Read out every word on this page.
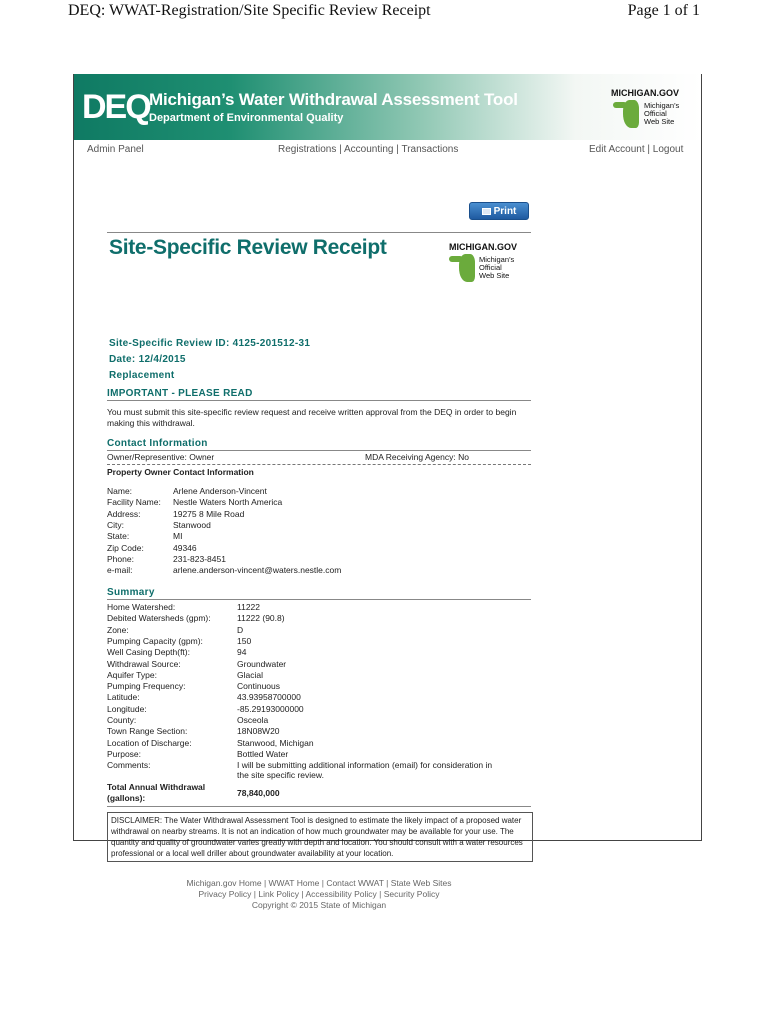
DEQ: WWAT-Registration/Site Specific Review Receipt	Page 1 of 1
DEQ Michigan’s Water Withdrawal Assessment Tool
Department of Environmental Quality
MICHIGAN.GOV
Michigan’s
Official
Web Site
Admin Panel	Registrations | Accounting | Transactions	Edit Account | Logout
Print
Site-Specific Review Receipt	MICHIGAN.GOV
Michigan’s
Official
Web Site
Site-Specific Review ID: 4125-201512-31
Date: 12/4/2015
Replacement
IMPORTANT - PLEASE READ
You must submit this site-specific review request and receive written approval from the DEQ in order to begin making this withdrawal.
Contact Information
Owner/Representive: Owner	MDA Receiving Agency: No
Property Owner Contact Information
Name:	Arlene Anderson-Vincent
Facility Name: Nestle Waters North America
Address:	19275 8 Mile Road
City:	Stanwood
State:	MI
Zip Code:	49346
Phone:	231-823-8451
e-mail:	arlene.anderson-vincent@waters.nestle.com
Summary
Home Watershed:	11222
Debited Watersheds (gpm):	11222 (90.8)
Zone:	D
Pumping Capacity (gpm):	150
Well Casing Depth(ft):	94
Withdrawal Source:	Groundwater
Aquifer Type:	Glacial
Pumping Frequency:	Continuous
Latitude:	43.93958700000
Longitude:	-85.29193000000
County:	Osceola
Town Range Section:	18N08W20
Location of Discharge:	Stanwood, Michigan
Purpose:	Bottled Water
Comments:	I will be submitting additional information (email) for consideration in
the site specific review.
Total Annual Withdrawal
(gallons):	78,840,000
DISCLAIMER: The Water Withdrawal Assessment Tool is designed to estimate the likely impact of a proposed water withdrawal on nearby streams. It is not an indication of how much groundwater may be available for your use. The quantity and quality of groundwater varies greatly with depth and location. You should consult with a water resources professional or a local well driller about groundwater availability at your location.
Michigan.gov Home | WWAT Home | Contact WWAT | State Web Sites
Privacy Policy | Link Policy | Accessibility Policy | Security Policy
Copyright © 2015 State of Michigan
